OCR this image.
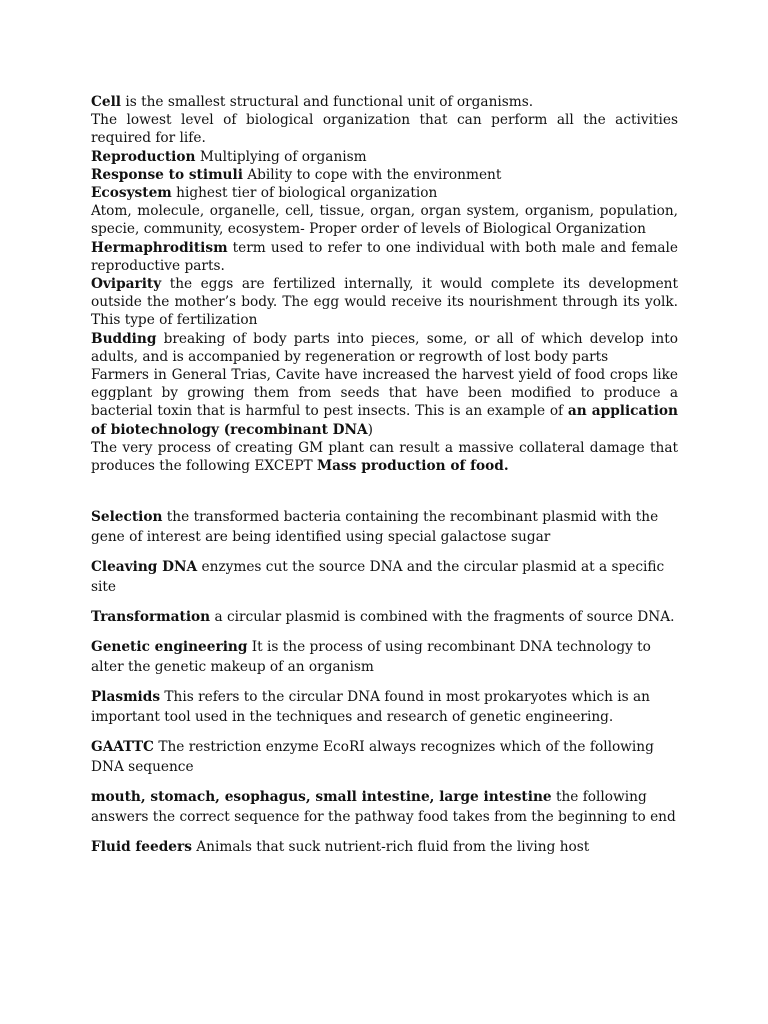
Cell is the smallest structural and functional unit of organisms.

The lowest level of biological organization that can perform all the activities required for life.

Reproduction Multiplying of organism

Response to stimuli Ability to cope with the environment

Ecosystem highest tier of biological organization

Atom, molecule, organelle, cell, tissue, organ, organ system, organism, population, specie, community, ecosystem- Proper order of levels of Biological Organization

Hermaphroditism term used to refer to one individual with both male and female reproductive parts.

Oviparity the eggs are fertilized internally, it would complete its development outside the mother’s body. The egg would receive its nourishment through its yolk. This type of fertilization

Budding breaking of body parts into pieces, some, or all of which develop into adults, and is accompanied by regeneration or regrowth of lost body parts

Farmers in General Trias, Cavite have increased the harvest yield of food crops like eggplant by growing them from seeds that have been modified to produce a bacterial toxin that is harmful to pest insects. This is an example of an application of biotechnology (recombinant DNA)

The very process of creating GM plant can result a massive collateral damage that produces the following EXCEPT Mass production of food.

Selection the transformed bacteria containing the recombinant plasmid with the gene of interest are being identified using special galactose sugar

Cleaving DNA enzymes cut the source DNA and the circular plasmid at a specific site

Transformation a circular plasmid is combined with the fragments of source DNA.

Genetic engineering It is the process of using recombinant DNA technology to alter the genetic makeup of an organism

Plasmids This refers to the circular DNA found in most prokaryotes which is an important tool used in the techniques and research of genetic engineering.

GAATTC The restriction enzyme EcoRI always recognizes which of the following DNA sequence

mouth, stomach, esophagus, small intestine, large intestine the following answers the correct sequence for the pathway food takes from the beginning to end

Fluid feeders Animals that suck nutrient-rich fluid from the living host
